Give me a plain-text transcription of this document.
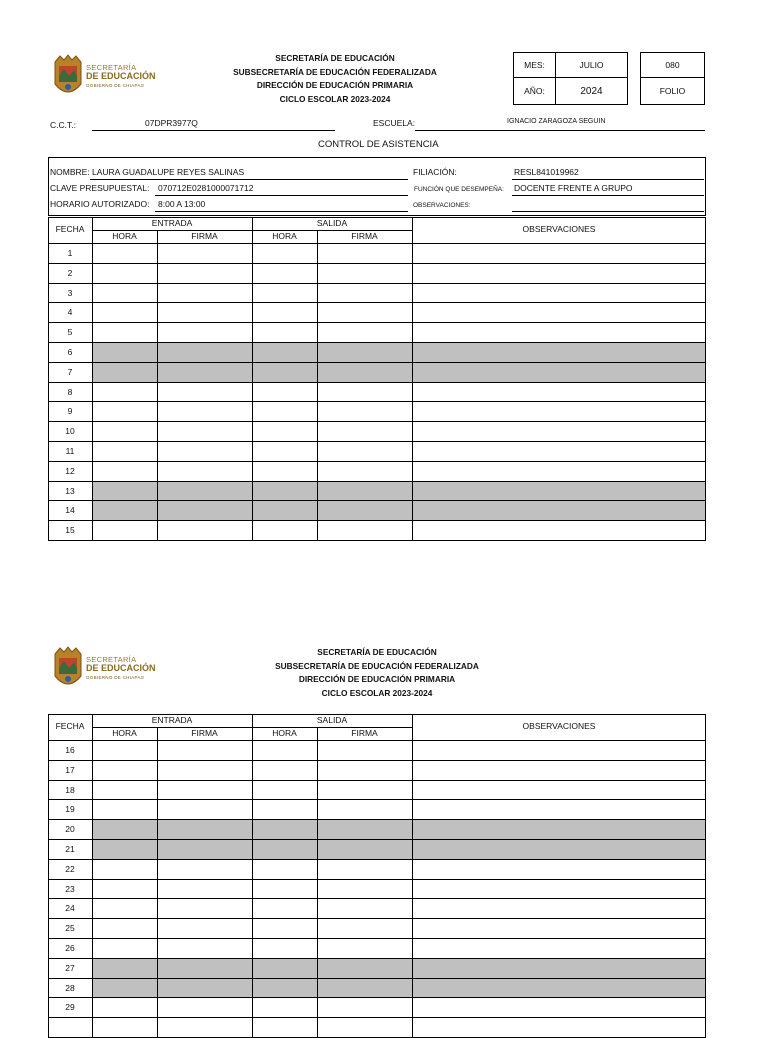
SECRETARÍA
DE EDUCACIÓN
GOBIERNO DE CHIAPAS
SECRETARÍA DE EDUCACIÓN
SUBSECRETARÍA DE EDUCACIÓN FEDERALIZADA
DIRECCIÓN DE EDUCACIÓN PRIMARIA
CICLO ESCOLAR 2023-2024
MES:	JULIO
AÑO:	2024
080
FOLIO
C.C.T.:	07DPR3977Q	ESCUELA:	IGNACIO ZARAGOZA SEGUIN
CONTROL DE ASISTENCIA
NOMBRE: LAURA GUADALUPE REYES SALINAS	FILIACIÓN:	RESL841019962
CLAVE PRESUPUESTAL: 070712E0281000071712	FUNCIÓN QUE DESEMPEÑA: DOCENTE FRENTE A GRUPO
HORARIO AUTORIZADO: 8:00 A 13:00	OBSERVACIONES:
FECHA
ENTRADA	SALIDA
HORA	FIRMA	HORA	FIRMA
OBSERVACIONES
1
2
3
4
5
6
7
8
9
10
11
12
13
14
15
SECRETARÍA
DE EDUCACIÓN
GOBIERNO DE CHIAPAS
SECRETARÍA DE EDUCACIÓN
SUBSECRETARÍA DE EDUCACIÓN FEDERALIZADA
DIRECCIÓN DE EDUCACIÓN PRIMARIA
CICLO ESCOLAR 2023-2024
FECHA
ENTRADA	SALIDA
HORA	FIRMA	HORA	FIRMA
OBSERVACIONES
16
17
18
19
20
21
22
23
24
25
26
27
28
29
